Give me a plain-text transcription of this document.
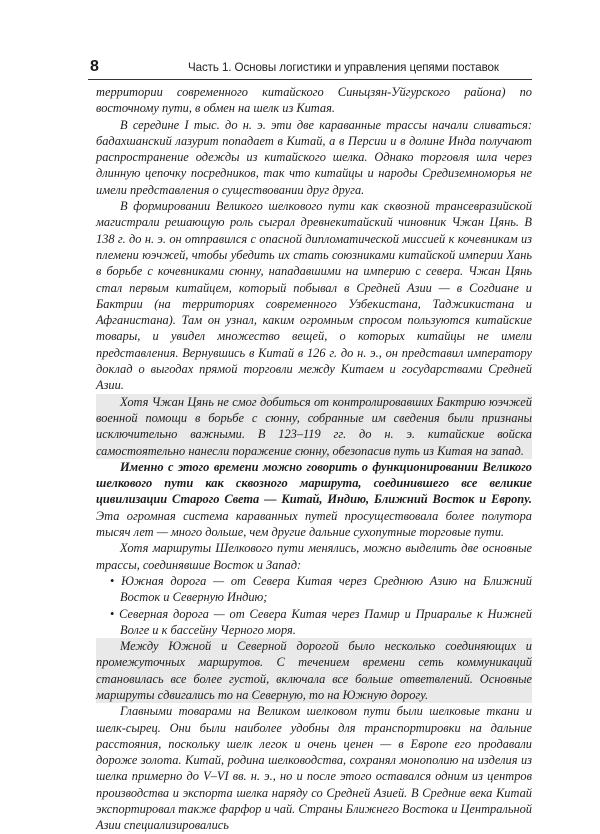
8	Часть 1. Основы логистики и управления цепями поставок

территории современного китайского Синьцзян-Уйгурского района) по восточному пути, в обмен на шелк из Китая.

В середине I тыс. до н. э. эти две караванные трассы начали сливаться: бадахшанский лазурит попадает в Китай, а в Персии и в долине Инда получают распространение одежды из китайского шелка. Однако торговля шла через длинную цепочку посредников, так что китайцы и народы Средиземноморья не имели представления о существовании друг друга.

В формировании Великого шелкового пути как сквозной трансевразийской магистрали решающую роль сыграл древнекитайский чиновник Чжан Цянь. В 138 г. до н. э. он отправился с опасной дипломатической миссией к кочевникам из племени юэчжей, чтобы убедить их стать союзниками китайской империи Хань в борьбе с кочевниками сюнну, нападавшими на империю с севера. Чжан Цянь стал первым китайцем, который побывал в Средней Азии — в Согдиане и Бактрии (на территориях современного Узбекистана, Таджикистана и Афганистана). Там он узнал, каким огромным спросом пользуются китайские товары, и увидел множество вещей, о которых китайцы не имели представления. Вернувшись в Китай в 126 г. до н. э., он представил императору доклад о выгодах прямой торговли между Китаем и государствами Средней Азии.

Хотя Чжан Цянь не смог добиться от контролировавших Бактрию юэчжей военной помощи в борьбе с сюнну, собранные им сведения были признаны исключительно важными. В 123–119 гг. до н. э. китайские войска самостоятельно нанесли поражение сюнну, обезопасив путь из Китая на запад.

Именно с этого времени можно говорить о функционировании Великого шелкового пути как сквозного маршрута, соединившего все великие цивилизации Старого Света — Китай, Индию, Ближний Восток и Европу. Эта огромная система караванных путей просуществовала более полутора тысяч лет — много дольше, чем другие дальние сухопутные торговые пути.

Хотя маршруты Шелкового пути менялись, можно выделить две основные трассы, соединявшие Восток и Запад:

• Южная дорога — от Севера Китая через Среднюю Азию на Ближний Восток и Северную Индию;

• Северная дорога — от Севера Китая через Памир и Приаралье к Нижней Волге и к бассейну Черного моря.

Между Южной и Северной дорогой было несколько соединяющих и промежуточных маршрутов. С течением времени сеть коммуникаций становилась все более густой, включала все больше ответвлений. Основные маршруты сдвигались то на Северную, то на Южную дорогу.

Главными товарами на Великом шелковом пути были шелковые ткани и шелк-сырец. Они были наиболее удобны для транспортировки на дальние расстояния, поскольку шелк легок и очень ценен — в Европе его продавали дороже золота. Китай, родина шелководства, сохранял монополию на изделия из шелка примерно до V–VI вв. н. э., но и после этого оставался одним из центров производства и экспорта шелка наряду со Средней Азией. В Средние века Китай экспортировал также фарфор и чай. Страны Ближнего Востока и Центральной Азии специализировались
